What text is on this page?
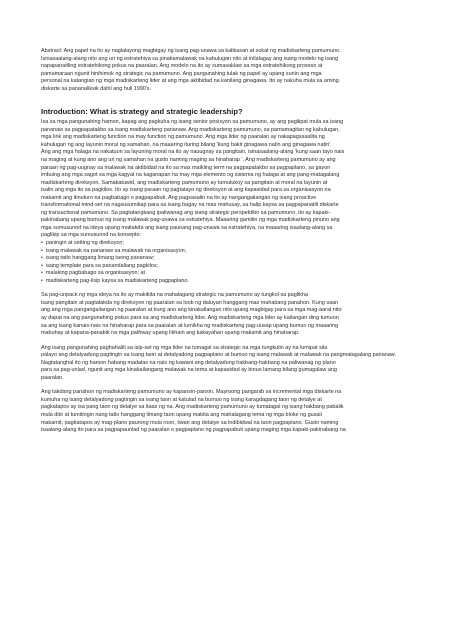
Abstract: Ang papel na ito ay naglalayong magbigay ng isang pag-unawa sa kalikasan at sukat ng madiskarteng pamumuno.
Isinasaalang-alang nito ang uri ng estratehiya sa pinakamalawak na kahulugan nito at inilalagay ang isang modelo ng isang
napapanatiling estratehikong pokus na paaralan. Ang modelo na ito ay sumasaklaw sa mga estratehikong proseso at
pamamaraan ngunit hinihimok ng strategic na pamumuno. Ang pangunahing tulak ng papel ay upang suriin ang mga
personal na katangian ng mga madiskarteng lider at ang mga aktibidad na kanilang ginagawa. Ito ay nakuha mula sa aming
diskarte sa pananaliksik dahil ang huli 1990's.

Introduction: What is strategy and strategic leadership?

Isa sa mga pangunahing hamon, kapag ang pagkuha ng isang senior posisyon sa pamumuno, ay ang pagliipat mula sa isang
pananaw sa pagpapatakbo sa isang madiskarteng pananaw. Ang madiskarteng pamumuno, sa pamamagitan ng kahulugan,
mga link ang madiskarteng function na may function ng pamumuno. Ang mga lider ng paaralan ay nakapagsasalita ng
kahulugan ng ang layunin moral ng samahan, na maaaring ituring bilang 'kung bakit ginagawa natin ang ginagawa natin'.
Ang ang mga halaga na nakatuon sa layuning moral na ito ay nauugnay sa pangitain, isinasaalang-alang 'kung saan tayo nais
na maging at kung ano ang uri ng samahan na gusto naming maging sa hinaharap '. Ang madiskarteng pamumuno ay ang
paraan ng pag-uugnay sa malawak na aktibidad na ito sa mas maikling term na pagpapatakbo sa pagpaplano, sa gayon
imbuing ang mga sagot sa mga kagyat na kaganapan na may mga elemento ng sistema ng halaga at ang pang-matagalang
madiskarteng direksyon. Samakatuwid, ang madiskarteng pamumuno ay tumutukoy sa pangitain at moral na layunin at
isalin ang mga ito sa pagkilos. Ito ay isang paraan ng pagtatayo ng direksyon at ang kapasidad para sa organisasyon na
makamit ang itinuturo na pagbabago o pagpapabuti. Ang pagsasalin na ito ay nangangailangan ng isang proactive
transformational mind-set na nagsusumikap para sa isang bagay na mas mahusay, sa halip kaysa sa pagpapanatili diskarte
ng transactional pamumuno. Sa pagtatangkang ipaliwanag ang isang strategic perspektibo sa pamumuno, ito ay kapaki-
pakinabang upang bumuo ng isang malawak pag-unawa sa estratehiya. Maaaring gamitin ng mga madiskarteng pinuno ang
mga sumusunod na ideya upang maitakda ang isang paunang pag-unawa sa estratehiya, na maaaring isaalang-alang sa
paglikip sa mga sumusunod na konsepto:

• paningin at setting ng direksyon;
• isang malawak na pananaw sa malawak na organisasyon;
• isang tatlo hanggang limang taong pananaw;
• isang template para sa panandaliang pagkilos;
• malaking pagbabago sa organisasyon; at
• madiskarteng pag-iisip kaysa sa madiskarteng pagpaplano.

Sa pag-unpack ng mga ideya na ito ay makikita na mahalagang strategic na pamumuno ay tungkol sa paglikha
isang pangitain at pagtatakda ng direksyon ng paaralan sa loob ng daluyan hanggang mas mahabang panahon. Kung saan
ang ang mga pangangailangan ng paaralan at kung ano ang kinakailangan nito upang magbigay para sa mga mag-aaral nito
ay dapat na ang pangunahing pokus para sa ang madiskarteng lider. Ang madiskarteng mga lider ay kailangan ding tumuon
sa ang isang kanais-nais na hinaharap para sa paaralan at lumikha ng madiskarteng pag-uusap upang bumuo ng maaaring
mabuhay at kapana-panabik na mga pathway upang likhain ang kakayahan upang makamit ang hinaharap.

Ang isang pangunahing paghahalili sa isip-set ng mga lider na tumagal sa strategic na mga tungkulin ay na lumipat sila
palayo ang detalyadong pagtingin sa isang taon at detalyadong pagpaplano at bumuo ng isang malawak at malawak na pangmatagalang pananaw.
Nagtatanghal ito ng hamon habang madalas na nais ng kawani ang detalyadong hakbang-hakbang na paliwanag ng plano
para sa pag-unlad, ngunit ang mga kinakailangang malawak na tema at kapasidad ay binuo lamang bilang gumagalaw ang
paaralan.

Ang takdang panahon ng madiskarteng pamumuno ay kapansin-pansin. Mayroong panganib sa incremental mga diskarte na
kumuha ng isang detalyadong pagtingin sa isang taon at katulad na bumuo ng isang karagdagang taon ng detalye at
pagkatapos ay isa pang taon ng detalye sa itaas ng na. Ang madiskarteng pamumuno ay tumatagal ng isang hakbang pabalik
mula dito at tumitingin nang tatlo hanggang limang taon upang makita ang mahalagang tema ng mga bloke ng gusali
makamit, pagkatapos ay mag-plano paurong mula roon, iiwan ang detalye sa indibidwal na taon pagpaplano. Gusto naming
isaalang-alang ito para sa pagpapaunlad ng paaralan o pagpaplano ng pagpapabuti upang maging mga kapaki-pakinabang na
